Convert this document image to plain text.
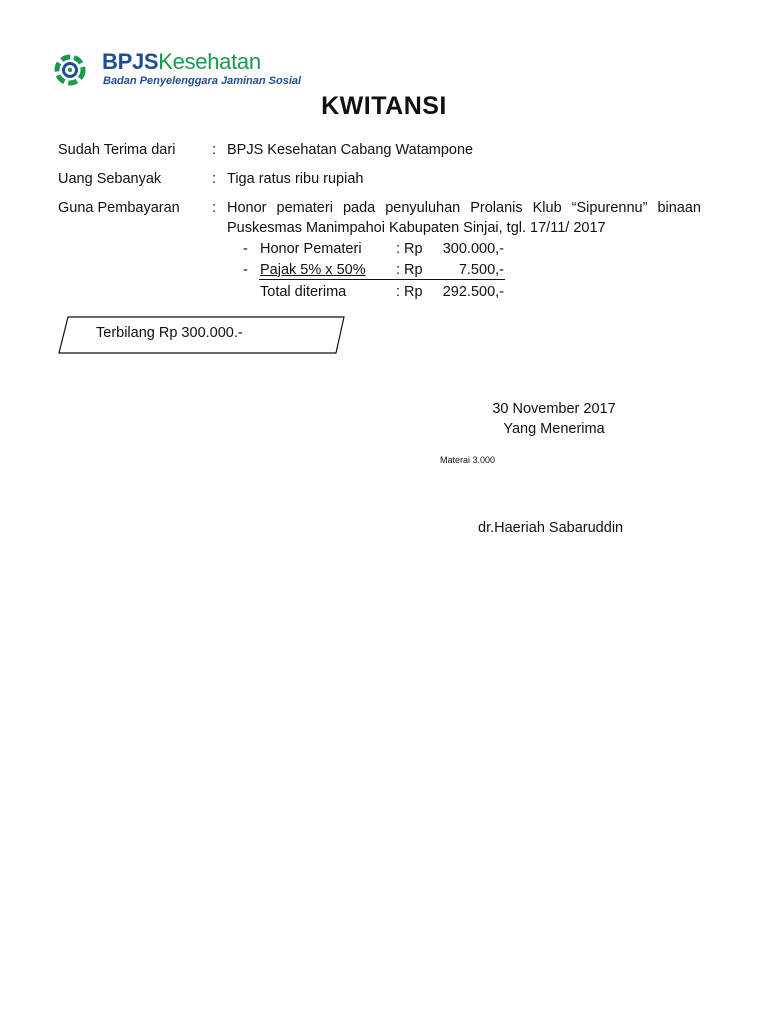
BPJSKesehatan
Badan Penyelenggara Jaminan Sosial
KWITANSI
Sudah Terima dari	: BPJS Kesehatan Cabang Watampone
Uang Sebanyak	: Tiga ratus ribu rupiah
Guna Pembayaran : Honor pemateri pada penyuluhan Prolanis Klub “Sipurennu” binaan
Puskesmas Manimpahoi Kabupaten Sinjai, tgl. 17/11/ 2017
- Honor Pemateri : Rp	300.000,-
- Pajak 5% x 50% : Rp	7.500,-
Total diterima	: Rp	292.500,-
Terbilang Rp 300.000.-
30 November 2017
Yang Menerima
Materai 3.000
dr.Haeriah Sabaruddin
